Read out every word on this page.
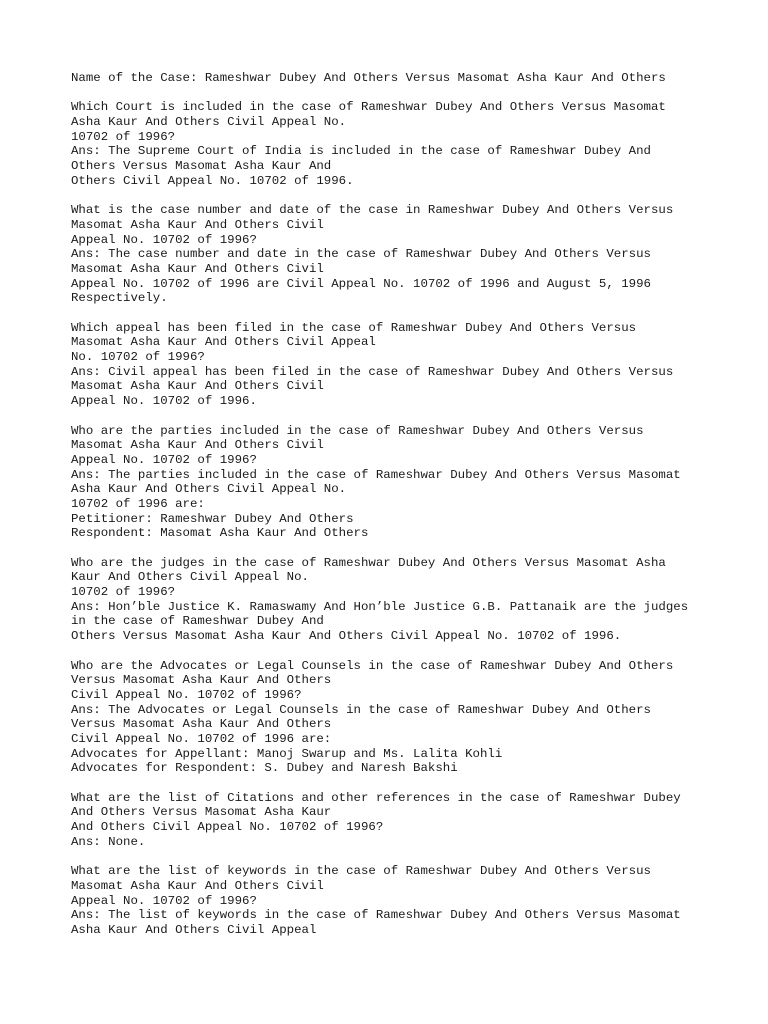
Name of the Case: Rameshwar Dubey And Others Versus Masomat Asha Kaur And Others
Which Court is included in the case of Rameshwar Dubey And Others Versus Masomat
Asha Kaur And Others Civil Appeal No.
10702 of 1996?
Ans: The Supreme Court of India is included in the case of Rameshwar Dubey And
Others Versus Masomat Asha Kaur And
Others Civil Appeal No. 10702 of 1996.
What is the case number and date of the case in Rameshwar Dubey And Others Versus
Masomat Asha Kaur And Others Civil
Appeal No. 10702 of 1996?
Ans: The case number and date in the case of Rameshwar Dubey And Others Versus
Masomat Asha Kaur And Others Civil
Appeal No. 10702 of 1996 are Civil Appeal No. 10702 of 1996 and August 5, 1996
Respectively.
Which appeal has been filed in the case of Rameshwar Dubey And Others Versus
Masomat Asha Kaur And Others Civil Appeal
No. 10702 of 1996?
Ans: Civil appeal has been filed in the case of Rameshwar Dubey And Others Versus
Masomat Asha Kaur And Others Civil
Appeal No. 10702 of 1996.
Who are the parties included in the case of Rameshwar Dubey And Others Versus
Masomat Asha Kaur And Others Civil
Appeal No. 10702 of 1996?
Ans: The parties included in the case of Rameshwar Dubey And Others Versus Masomat
Asha Kaur And Others Civil Appeal No.
10702 of 1996 are:
Petitioner: Rameshwar Dubey And Others
Respondent: Masomat Asha Kaur And Others
Who are the judges in the case of Rameshwar Dubey And Others Versus Masomat Asha
Kaur And Others Civil Appeal No.
10702 of 1996?
Ans: Hon’ble Justice K. Ramaswamy And Hon’ble Justice G.B. Pattanaik are the judges
in the case of Rameshwar Dubey And
Others Versus Masomat Asha Kaur And Others Civil Appeal No. 10702 of 1996.
Who are the Advocates or Legal Counsels in the case of Rameshwar Dubey And Others
Versus Masomat Asha Kaur And Others
Civil Appeal No. 10702 of 1996?
Ans: The Advocates or Legal Counsels in the case of Rameshwar Dubey And Others
Versus Masomat Asha Kaur And Others
Civil Appeal No. 10702 of 1996 are:
Advocates for Appellant: Manoj Swarup and Ms. Lalita Kohli
Advocates for Respondent: S. Dubey and Naresh Bakshi
What are the list of Citations and other references in the case of Rameshwar Dubey
And Others Versus Masomat Asha Kaur
And Others Civil Appeal No. 10702 of 1996?
Ans: None.
What are the list of keywords in the case of Rameshwar Dubey And Others Versus
Masomat Asha Kaur And Others Civil
Appeal No. 10702 of 1996?
Ans: The list of keywords in the case of Rameshwar Dubey And Others Versus Masomat
Asha Kaur And Others Civil Appeal
